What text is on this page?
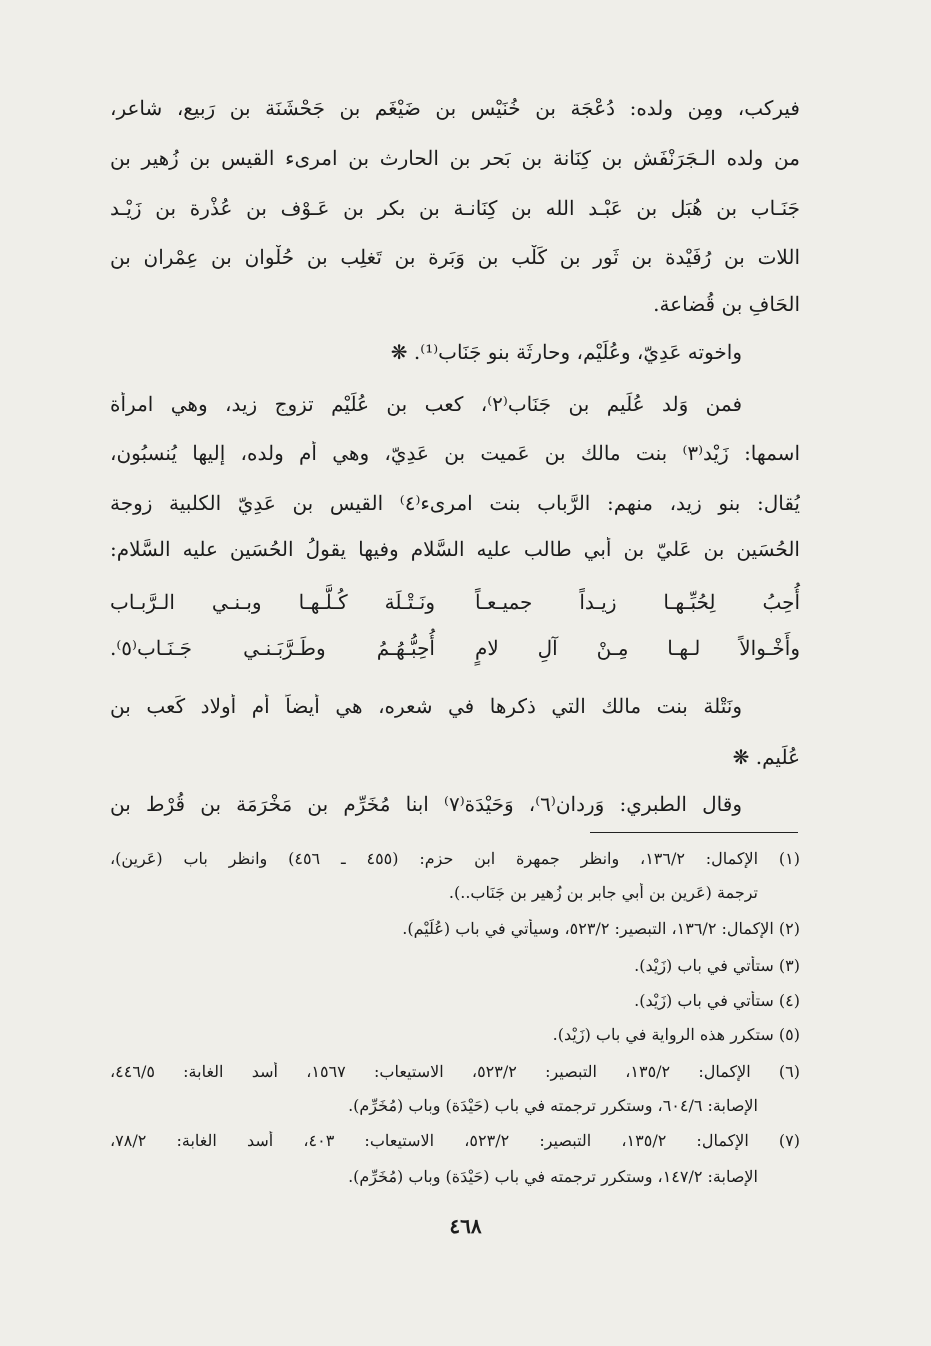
فيركب، ومِن ولده: دُعْجَة بن خُنَيْس بن ضَيْغَم بن جَحْشَنَة بن رَبيع، شاعر،
من ولده الـجَرَنْفَش بن كِنَانة بن بَحر بن الحارث بن امرىء القيس بن زُهير بن
جَنَـاب بن هُبَل بن عَبْـد الله بن كِنَانـة بن بكر بن عَـوْف بن عُذْرة بن زَيْـد
اللات بن رُفَيْدة بن ثَور بن كَلْب بن وَبَرة بن تَغلِب بن حُلْوان بن عِمْران بن
الحَافِ بن قُضاعة.
واخوته عَدِيّ، وعُلَيْم، وحارثَة بنو جَنَاب⁽¹⁾. ❋
فمن وَلد عُلَيم بن جَنَاب⁽٢⁾، كعب بن عُلَيْم تزوج زيد، وهي امرأة
اسمها: زَيْد⁽٣⁾ بنت مالك بن عَميت بن عَدِيّ، وهي أم ولده، إليها يُنسبُون،
يُقال: بنو زيد، منهم: الرَّباب بنت امرىء⁽٤⁾ القيس بن عَدِيّ الكلبية زوجة
الحُسَين بن عَليّ بن أبي طالب عليه السَّلام وفيها يقولُ الحُسَين عليه السَّلام:
أُحِبُ لِحُبِّـهـا زيـداً جميـعـاً
ونَـتْـلَة كُـلَّـهـا وبـنـي الـرَّبـاب
وأَخْـوالاً لـهـا مِـنْ آلِ لامٍ
أُحِبُّـهُـمُ وطَـرَّبَـنـي جَـنَـاب⁽٥⁾.
ونَتْلة بنت مالك التي ذكرها في شعره، هي أيضاً أم أولاد كَعب بن
عُلَيم. ❋
وقال الطبري: وَردان⁽٦⁾، وَحَيْدَة⁽٧⁾ ابنا مُخَرِّم بن مَخْرَمَة بن قُرْط بن
(١) الإكمال: ١٣٦/٢، وانظر جمهرة ابن حزم: (٤٥٥ ـ ٤٥٦) وانظر باب (عَرين)،
ترجمة (عَرِين بن أبي جابر بن زُهير بن جَنَاب..).
(٢) الإكمال: ١٣٦/٢، التبصير: ٥٢٣/٢، وسيأتي في باب (عُلَيْم).
(٣) ستأتي في باب (زَيْد).
(٤) ستأتي في باب (زَيْد).
(٥) ستكرر هذه الرواية في باب (زَيْد).
(٦) الإكمال: ١٣٥/٢، التبصير: ٥٢٣/٢، الاستيعاب: ١٥٦٧، أسد الغابة: ٤٤٦/٥،
الإصابة: ٦٠٤/٦، وستكرر ترجمته في باب (حَيْدَة) وباب (مُخَرِّم).
(٧) الإكمال: ١٣٥/٢، التبصير: ٥٢٣/٢، الاستيعاب: ٤٠٣، أسد الغابة: ٧٨/٢،
الإصابة: ١٤٧/٢، وستكرر ترجمته في باب (حَيْدَة) وباب (مُخَرِّم).
٤٦٨
